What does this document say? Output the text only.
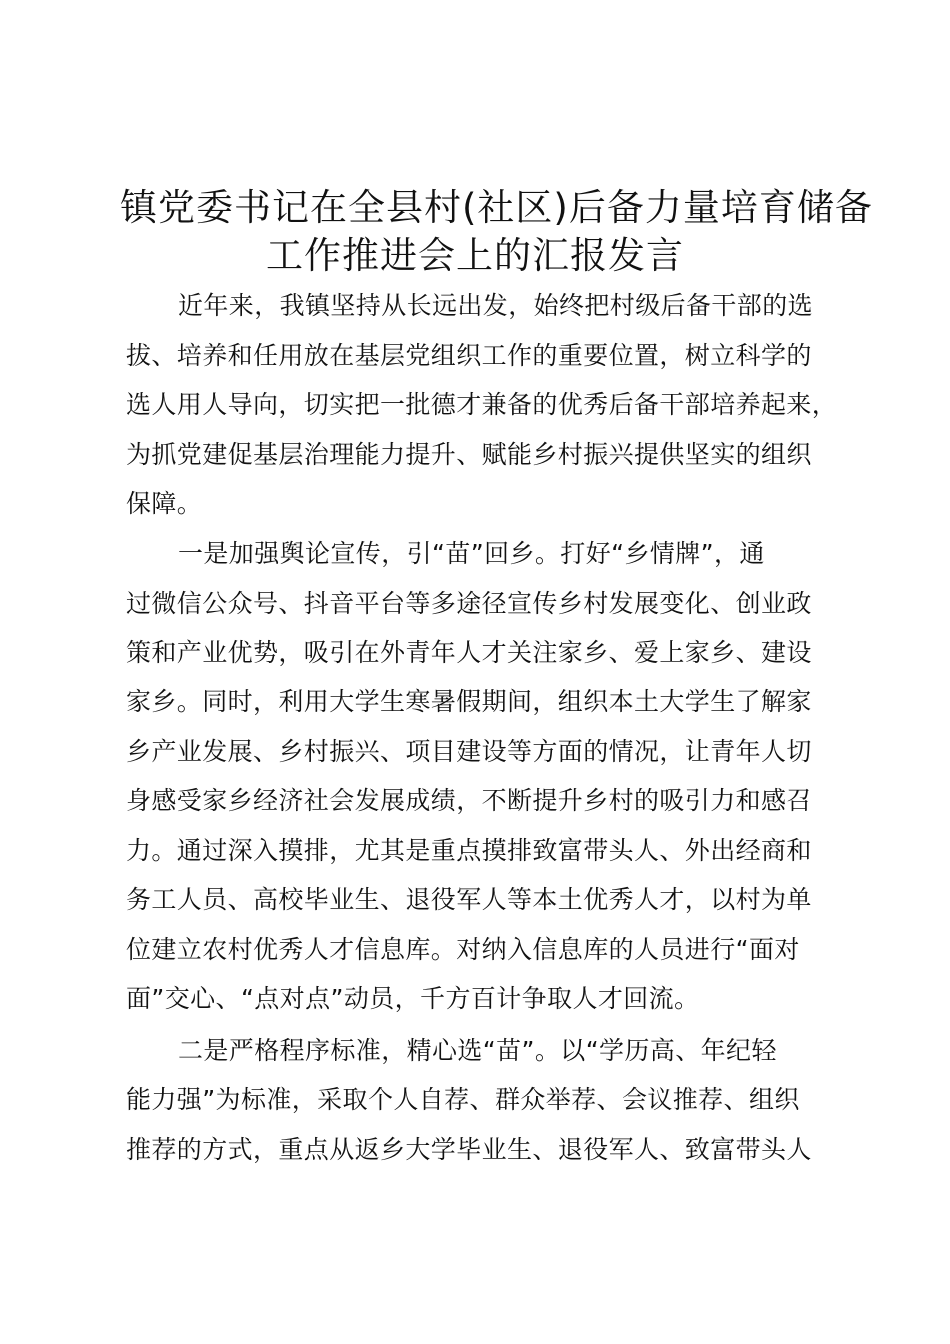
镇党委书记在全县村(社区)后备力量培育储备
工作推进会上的汇报发言
近年来，我镇坚持从长远出发，始终把村级后备干部的选
拔、培养和任用放在基层党组织工作的重要位置，树立科学的
选人用人导向，切实把一批德才兼备的优秀后备干部培养起来，
为抓党建促基层治理能力提升、赋能乡村振兴提供坚实的组织
保障。
一是加强舆论宣传，引“苗”回乡。打好“乡情牌”，通
过微信公众号、抖音平台等多途径宣传乡村发展变化、创业政
策和产业优势，吸引在外青年人才关注家乡、爱上家乡、建设
家乡。同时，利用大学生寒暑假期间，组织本土大学生了解家
乡产业发展、乡村振兴、项目建设等方面的情况，让青年人切
身感受家乡经济社会发展成绩，不断提升乡村的吸引力和感召
力。通过深入摸排，尤其是重点摸排致富带头人、外出经商和
务工人员、高校毕业生、退役军人等本土优秀人才，以村为单
位建立农村优秀人才信息库。对纳入信息库的人员进行“面对
面”交心、“点对点”动员，千方百计争取人才回流。
二是严格程序标准，精心选“苗”。以“学历高、年纪轻
能力强”为标准，采取个人自荐、群众举荐、会议推荐、组织
推荐的方式，重点从返乡大学毕业生、退役军人、致富带头人
